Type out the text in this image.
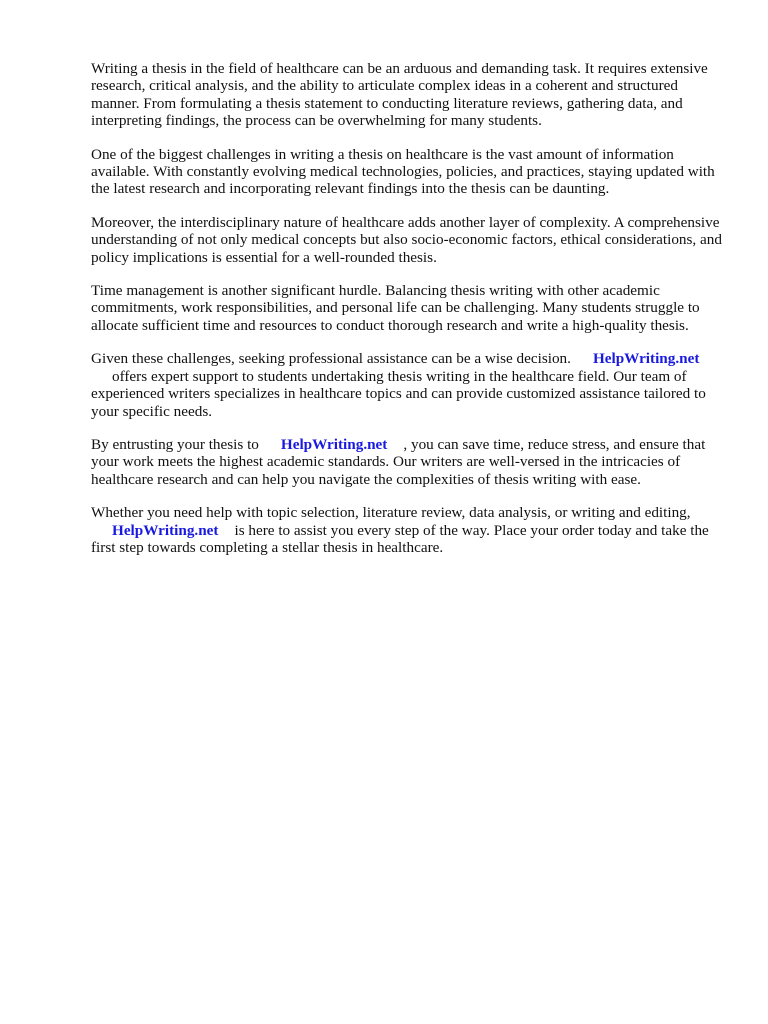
Writing a thesis in the field of healthcare can be an arduous and demanding task. It requires extensive research, critical analysis, and the ability to articulate complex ideas in a coherent and structured manner. From formulating a thesis statement to conducting literature reviews, gathering data, and interpreting findings, the process can be overwhelming for many students.

One of the biggest challenges in writing a thesis on healthcare is the vast amount of information available. With constantly evolving medical technologies, policies, and practices, staying updated with the latest research and incorporating relevant findings into the thesis can be daunting.

Moreover, the interdisciplinary nature of healthcare adds another layer of complexity. A comprehensive understanding of not only medical concepts but also socio-economic factors, ethical considerations, and policy implications is essential for a well-rounded thesis.

Time management is another significant hurdle. Balancing thesis writing with other academic commitments, work responsibilities, and personal life can be challenging. Many students struggle to allocate sufficient time and resources to conduct thorough research and write a high-quality thesis.

Given these challenges, seeking professional assistance can be a wise decision. HelpWriting.net
offers expert support to students undertaking thesis writing in the healthcare field. Our team of experienced writers specializes in healthcare topics and can provide customized assistance tailored to your specific needs.

By entrusting your thesis to HelpWriting.net , you can save time, reduce stress, and ensure that your work meets the highest academic standards. Our writers are well-versed in the intricacies of healthcare research and can help you navigate the complexities of thesis writing with ease.

Whether you need help with topic selection, literature review, data analysis, or writing and editing,
HelpWriting.net is here to assist you every step of the way. Place your order today and take the first step towards completing a stellar thesis in healthcare.
